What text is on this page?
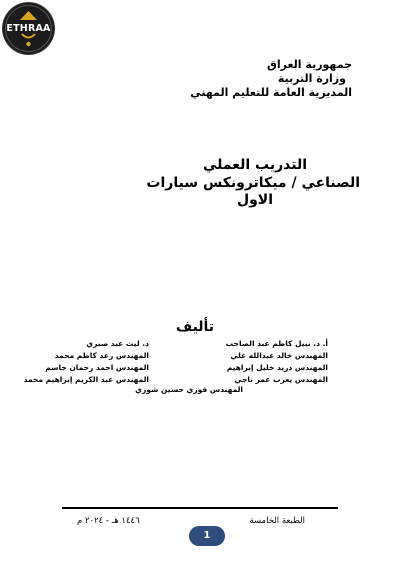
ETHRAA
جمهورية العراق
وزارة التربية
المديرية العامة للتعليم المهني
التدريب العملي
الصناعي / ميكاترونكس سيارات
الاول
تأليف
أ. د. نبيل كاظم عبد الصاحب
المهندس خالد عبدالله علي
المهندس دريد خليل إبراهيم
المهندس يعرب عمر ناجي
د. ليث عبد صبري
المهندس رعد كاظم محمد
المهندس احمد رحمان جاسم
المهندس عبد الكريم إبراهيم محمد
المهندس فوزي حسين شوزي
١٤٤٦ هـ - ٢٠٢٤ م	الطبعة الخامسة
1
